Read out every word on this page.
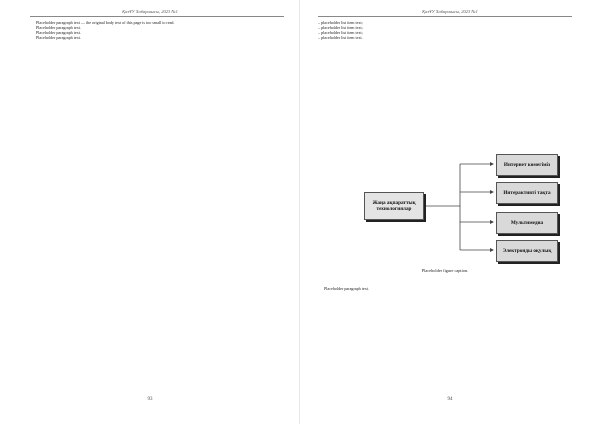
ҚазҰУ Хабаршысы, 2023 №1

Placeholder paragraph text — the original body text of this page is too small to read.

Placeholder paragraph text.

Placeholder paragraph text.

Placeholder paragraph text.

93
ҚазҰУ Хабаршысы, 2023 №1
– placeholder list item text;
– placeholder list item text;
– placeholder list item text;
– placeholder list item text.
Жаңа ақпараттық технологиялар
Интернет көмегіміз
Интерактивті тақта
Мультимедиа
Электронды оқулық
Placeholder figure caption.

Placeholder paragraph text.

94
